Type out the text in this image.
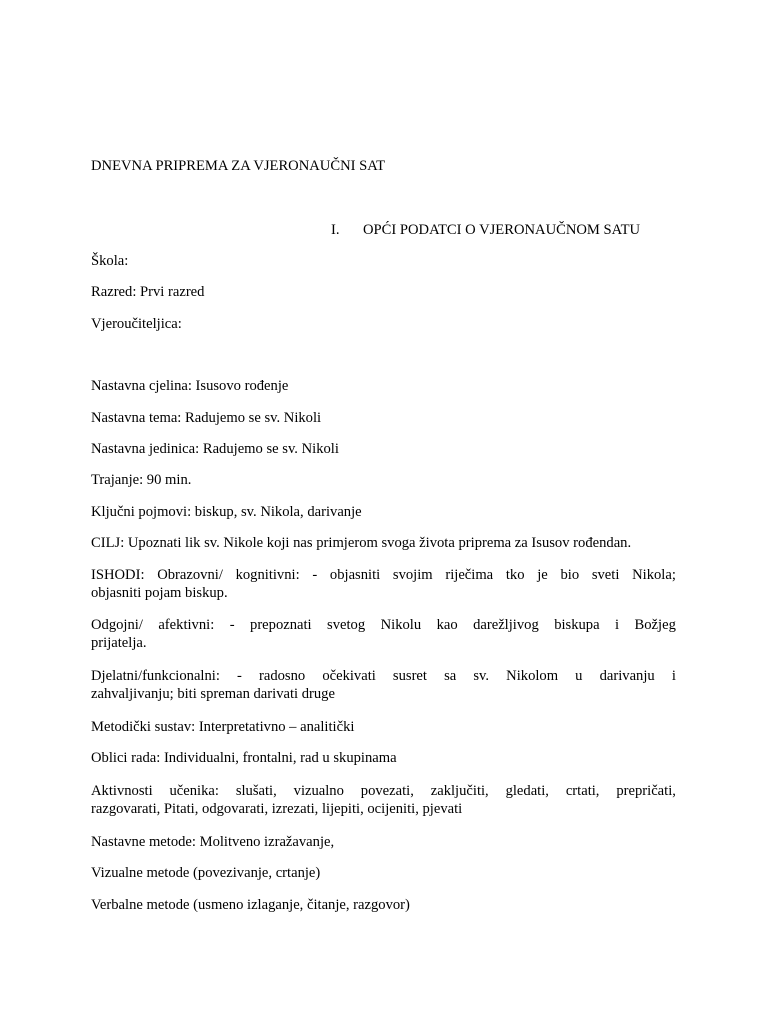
DNEVNA PRIPREMA ZA VJERONAUČNI SAT
I. OPĆI PODATCI O VJERONAUČNOM SATU
Škola:
Razred: Prvi razred
Vjeroučiteljica:
Nastavna cjelina: Isusovo rođenje
Nastavna tema: Radujemo se sv. Nikoli
Nastavna jedinica: Radujemo se sv. Nikoli
Trajanje: 90 min.
Ključni pojmovi: biskup, sv. Nikola, darivanje
CILJ: Upoznati lik sv. Nikole koji nas primjerom svoga života priprema za Isusov rođendan.
ISHODI: Obrazovni/ kognitivni: - objasniti svojim riječima tko je bio sveti Nikola;
objasniti pojam biskup.
Odgojni/ afektivni: - prepoznati svetog Nikolu kao darežljivog biskupa i Božjeg
prijatelja.
Djelatni/funkcionalni: - radosno očekivati susret sa sv. Nikolom u darivanju i
zahvaljivanju; biti spreman darivati druge
Metodički sustav: Interpretativno – analitički
Oblici rada: Individualni, frontalni, rad u skupinama
Aktivnosti učenika: slušati, vizualno povezati, zaključiti, gledati, crtati, prepričati,
razgovarati, Pitati, odgovarati, izrezati, lijepiti, ocijeniti, pjevati
Nastavne metode: Molitveno izražavanje,
Vizualne metode (povezivanje, crtanje)
Verbalne metode (usmeno izlaganje, čitanje, razgovor)
